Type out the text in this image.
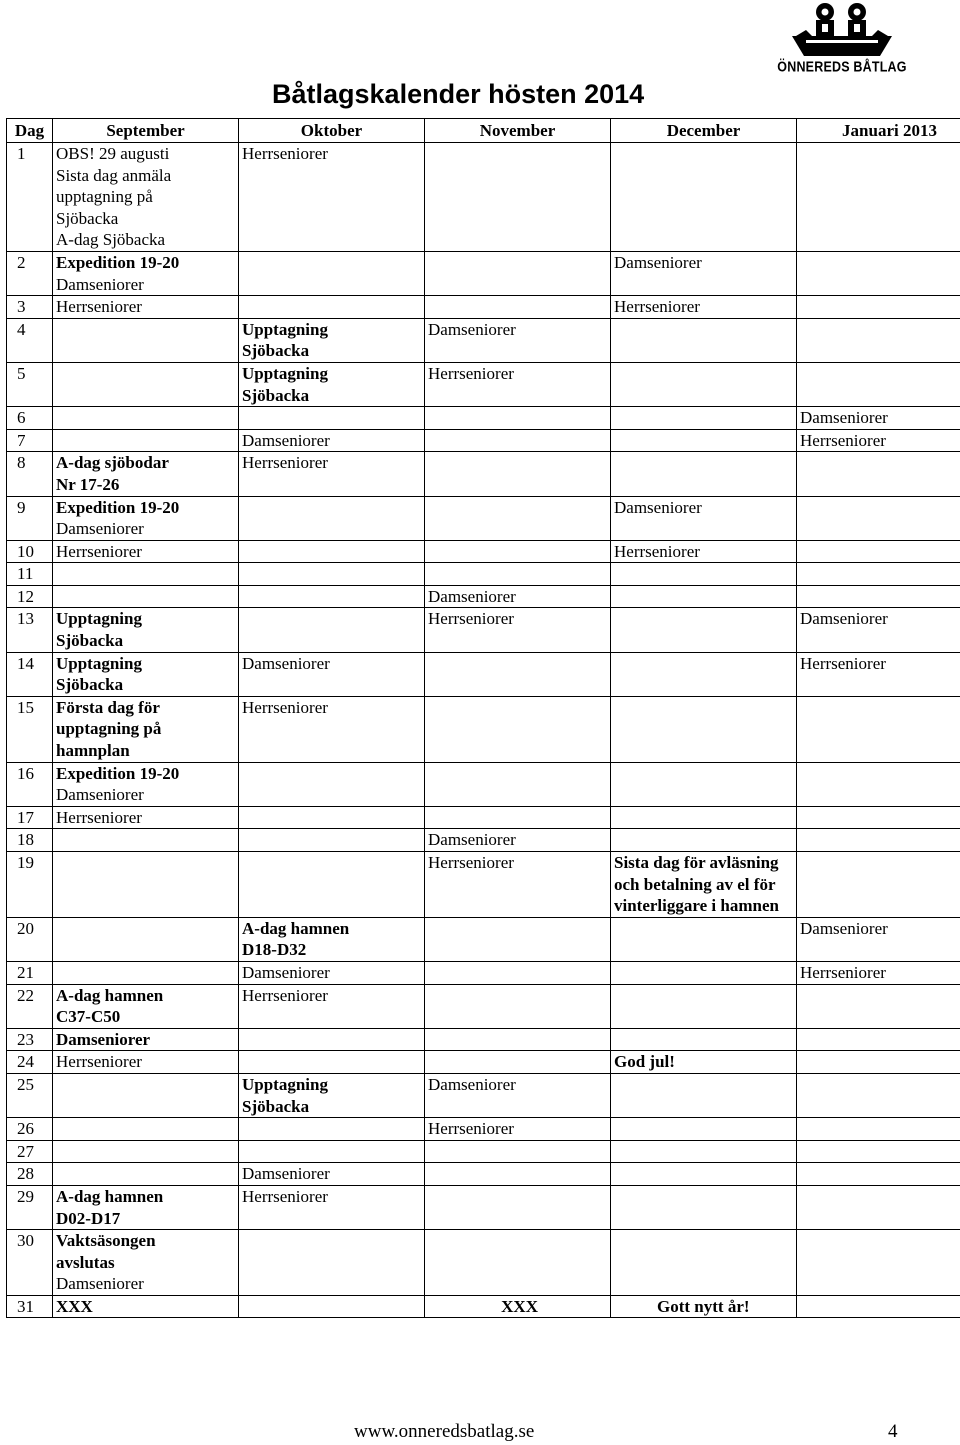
Båtlagskalender hösten 2014
ÖNNEREDS BÅTLAG
Dag	September	Oktober	November	December	Januari 2013
1	OBS! 29 augusti
Sista dag anmäla
upptagning på
Sjöbacka
A-dag Sjöbacka	Herrseniorer			

2	Expedition 19-20
Damseniorer			Damseniorer	

3	Herrseniorer			Herrseniorer	

4		Upptagning
Sjöbacka	Damseniorer		

5		Upptagning
Sjöbacka	Herrseniorer		

6					Damseniorer

7		Damseniorer			Herrseniorer

8	A-dag sjöbodar
Nr 17-26	Herrseniorer			

9	Expedition 19-20
Damseniorer			Damseniorer	

10	Herrseniorer			Herrseniorer	

11					
12			Damseniorer		

13	Upptagning
Sjöbacka		Herrseniorer		Damseniorer

14	Upptagning
Sjöbacka	Damseniorer			Herrseniorer

15	Första dag för
upptagning på
hamnplan	Herrseniorer			

16	Expedition 19-20
Damseniorer				

17	Herrseniorer				

18			Damseniorer		

19			Herrseniorer	Sista dag för avläsning
och betalning av el för
vinterliggare i hamnen	

20		A-dag hamnen
D18-D32			Damseniorer

21		Damseniorer			Herrseniorer

22	A-dag hamnen
C37-C50	Herrseniorer			

23	Damseniorer				

24	Herrseniorer			God jul!	

25		Upptagning
Sjöbacka	Damseniorer		

26			Herrseniorer		

27					
28		Damseniorer			

29	A-dag hamnen
D02-D17	Herrseniorer			

30	Vaktsäsongen
avslutas
Damseniorer				

31	XXX		XXX	Gott nytt år!	

www.onneredsbatlag.se	4
